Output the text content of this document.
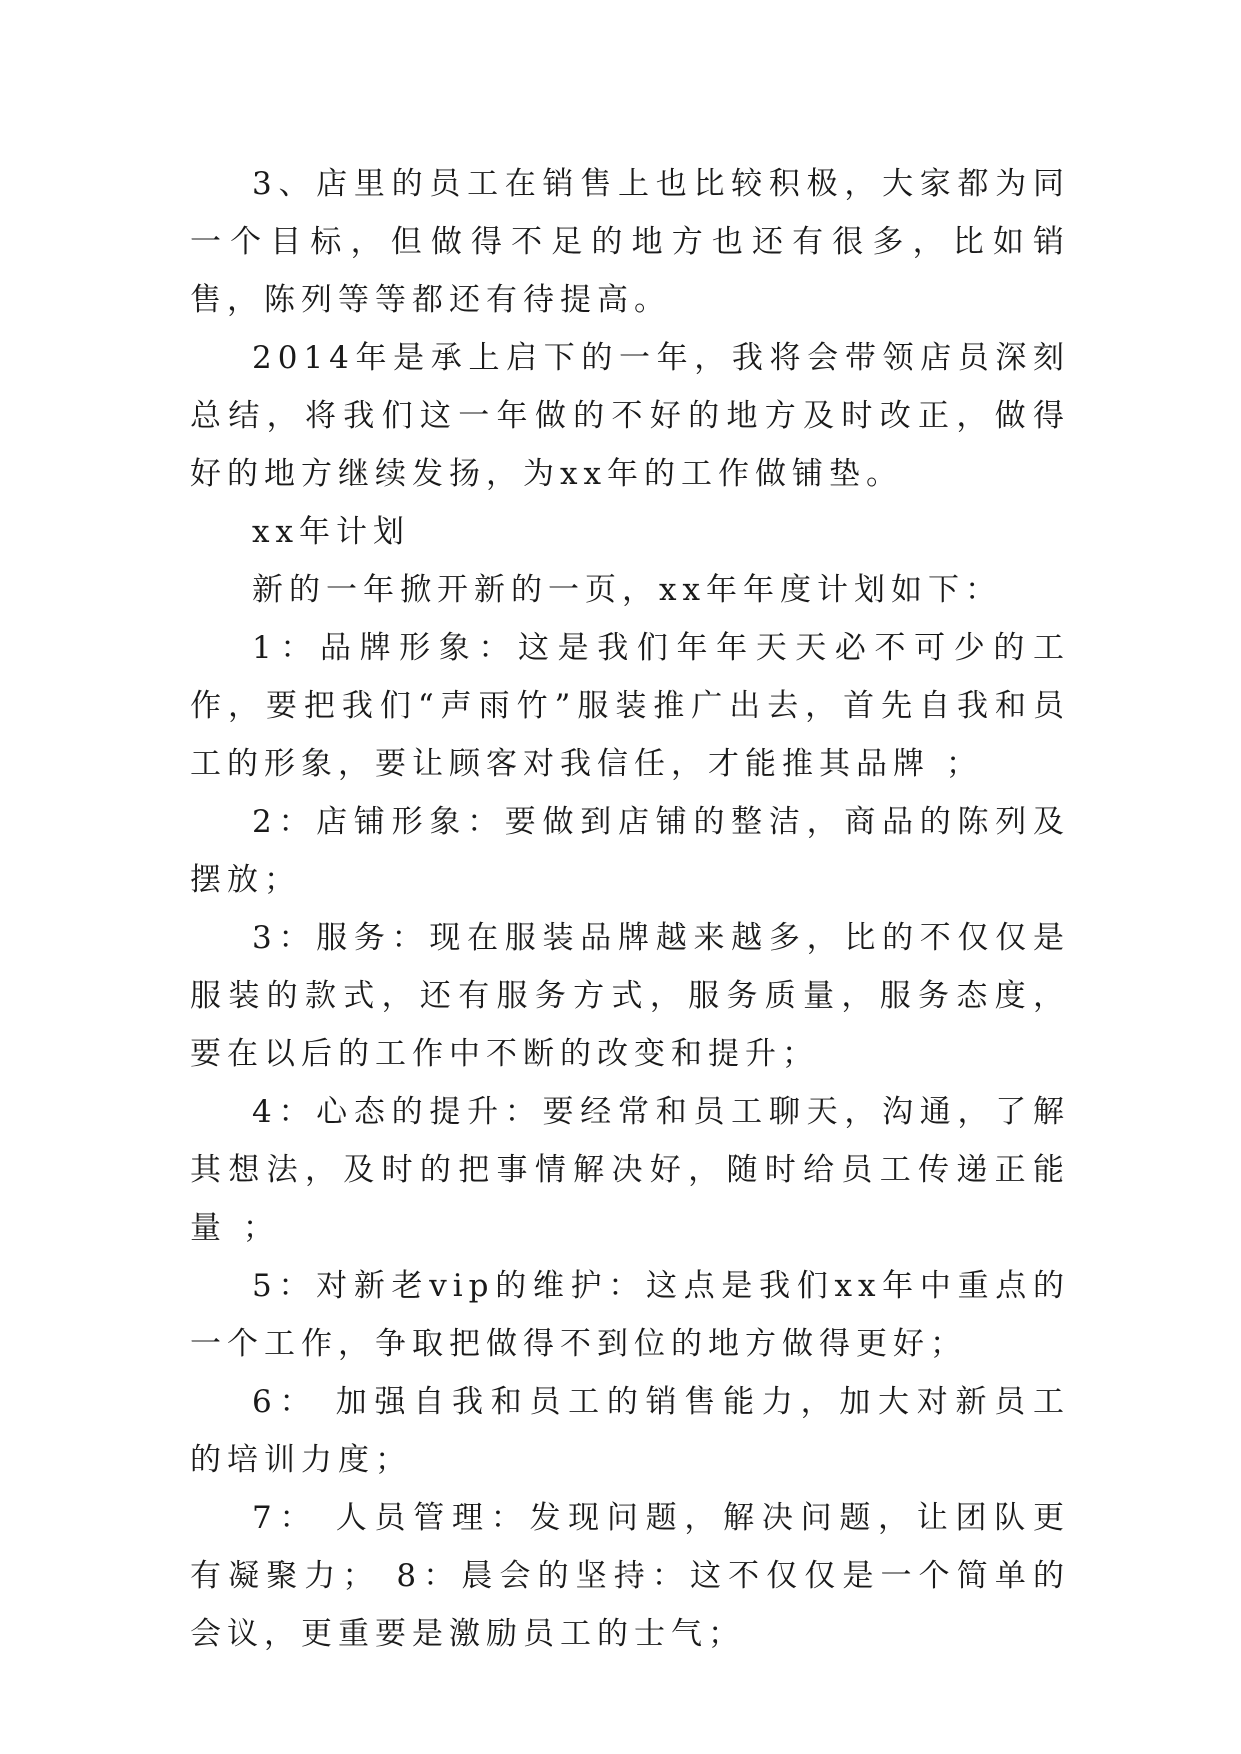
3、店里的员工在销售上也比较积极，大家都为同一个目标，但做得不足的地方也还有很多，比如销售，陈列等等都还有待提高。

2014年是承上启下的一年，我将会带领店员深刻总结，将我们这一年做的不好的地方及时改正，做得好的地方继续发扬，为xx年的工作做铺垫。

xx年计划

新的一年掀开新的一页，xx年年度计划如下：

1：品牌形象：这是我们年年天天必不可少的工作，要把我们“声雨竹”服装推广出去，首先自我和员工的形象，要让顾客对我信任，才能推其品牌 ；

2：店铺形象：要做到店铺的整洁，商品的陈列及摆放；

3：服务：现在服装品牌越来越多，比的不仅仅是服装的款式，还有服务方式，服务质量，服务态度，要在以后的工作中不断的改变和提升；

4：心态的提升：要经常和员工聊天，沟通，了解其想法，及时的把事情解决好，随时给员工传递正能量 ；

5：对新老vip的维护：这点是我们xx年中重点的一个工作，争取把做得不到位的地方做得更好；

6： 加强自我和员工的销售能力，加大对新员工的培训力度；

7： 人员管理：发现问题，解决问题，让团队更有凝聚力； 8：晨会的坚持：这不仅仅是一个简单的会议，更重要是激励员工的士气；
